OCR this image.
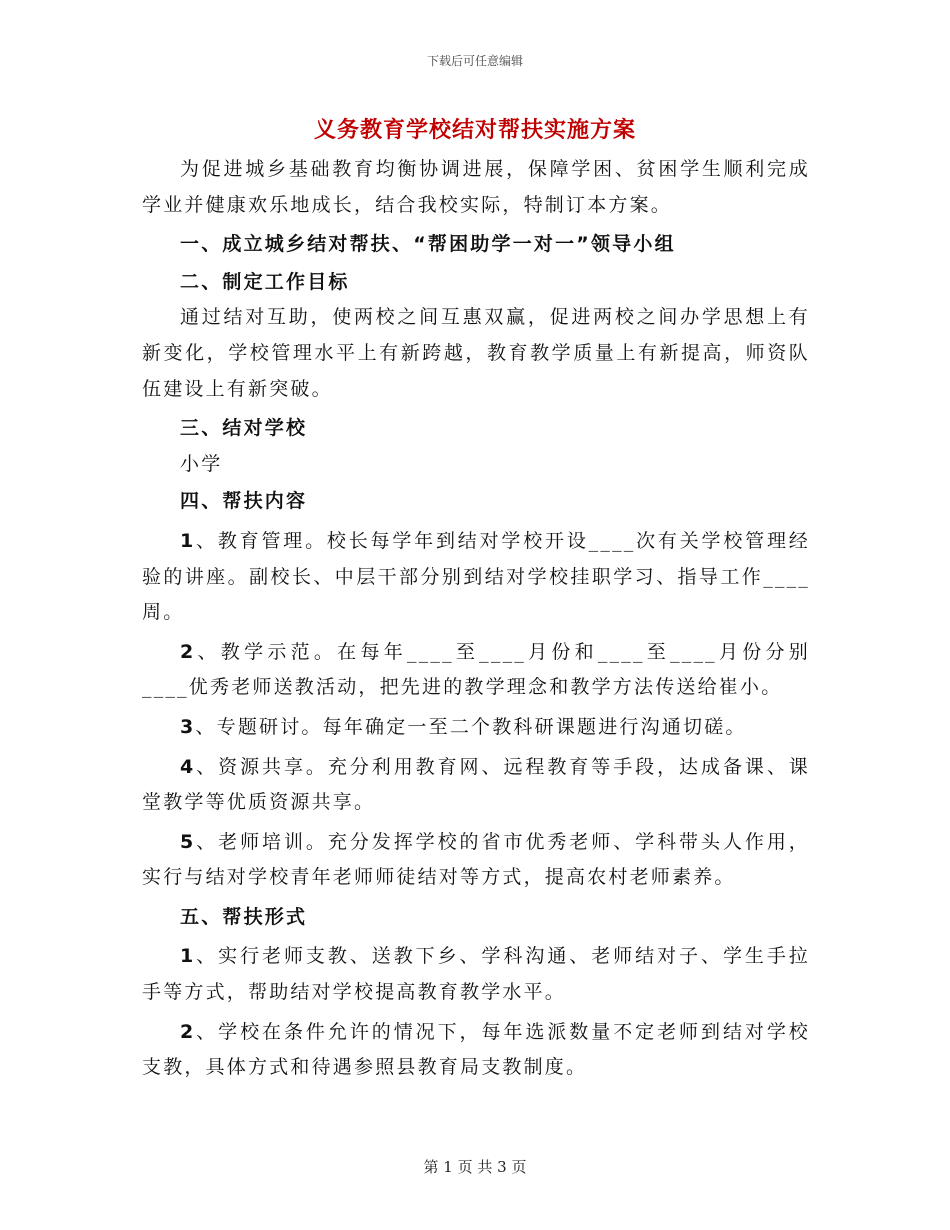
下载后可任意编辑
义务教育学校结对帮扶实施方案

为促进城乡基础教育均衡协调进展，保障学困、贫困学生顺利完成学业并健康欢乐地成长，结合我校实际，特制订本方案。

一、成立城乡结对帮扶、“帮困助学一对一”领导小组

二、制定工作目标

通过结对互助，使两校之间互惠双赢，促进两校之间办学思想上有新变化，学校管理水平上有新跨越，教育教学质量上有新提高，师资队伍建设上有新突破。

三、结对学校

小学

四、帮扶内容

1、教育管理。校长每学年到结对学校开设____次有关学校管理经验的讲座。副校长、中层干部分别到结对学校挂职学习、指导工作____周。

2、教学示范。在每年____至____月份和____至____月份分别____优秀老师送教活动，把先进的教学理念和教学方法传送给崔小。

3、专题研讨。每年确定一至二个教科研课题进行沟通切磋。

4、资源共享。充分利用教育网、远程教育等手段，达成备课、课堂教学等优质资源共享。

5、老师培训。充分发挥学校的省市优秀老师、学科带头人作用，实行与结对学校青年老师师徒结对等方式，提高农村老师素养。

五、帮扶形式

1、实行老师支教、送教下乡、学科沟通、老师结对子、学生手拉手等方式，帮助结对学校提高教育教学水平。

2、学校在条件允许的情况下，每年选派数量不定老师到结对学校支教，具体方式和待遇参照县教育局支教制度。

第 1 页 共 3 页
